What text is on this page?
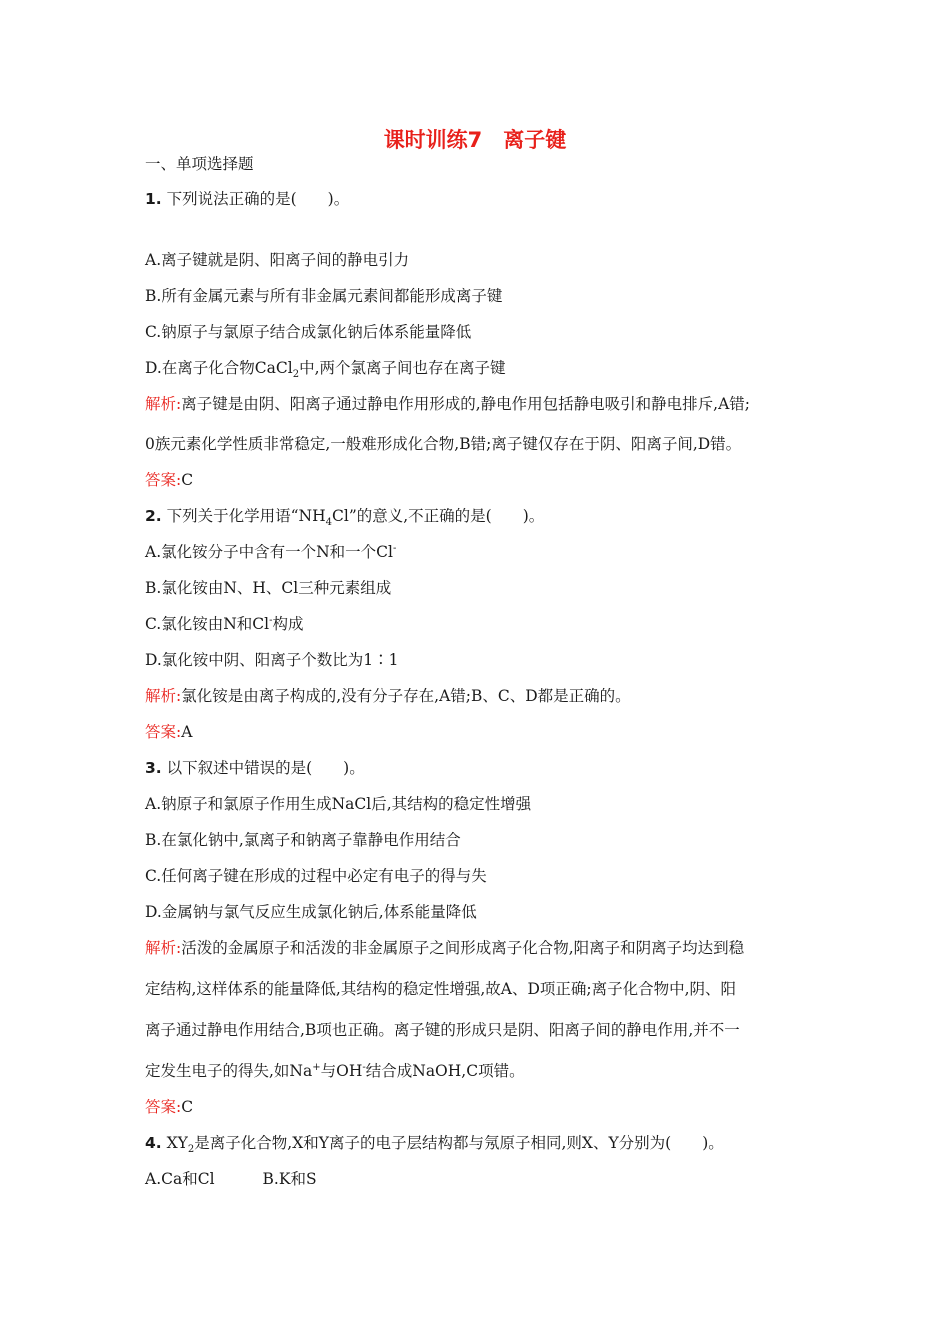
课时训练7　离子键
一、单项选择题
1. 下列说法正确的是(　　)。
A.离子键就是阴、阳离子间的静电引力
B.所有金属元素与所有非金属元素间都能形成离子键
C.钠原子与氯原子结合成氯化钠后体系能量降低
D.在离子化合物CaCl$_2$中,两个氯离子间也存在离子键
解析:离子键是由阴、阳离子通过静电作用形成的,静电作用包括静电吸引和静电排斥,A错;
0族元素化学性质非常稳定,一般难形成化合物,B错;离子键仅存在于阴、阳离子间,D错。
答案:C
2. 下列关于化学用语“$NH_4Cl$”的意义,不正确的是(　　)。
A.氯化铵分子中含有一个N和一个Cl-
B.氯化铵由N、H、Cl三种元素组成
C.氯化铵由N和Cl-构成
D.氯化铵中阴、阳离子个数比为1∶1
解析:氯化铵是由离子构成的,没有分子存在,A错;B、C、D都是正确的。
答案:A
3. 以下叙述中错误的是(　　)。
A.钠原子和氯原子作用生成NaCl后,其结构的稳定性增强
B.在氯化钠中,氯离子和钠离子靠静电作用结合
C.任何离子键在形成的过程中必定有电子的得与失
D.金属钠与氯气反应生成氯化钠后,体系能量降低
解析:活泼的金属原子和活泼的非金属原子之间形成离子化合物,阳离子和阴离子均达到稳
定结构,这样体系的能量降低,其结构的稳定性增强,故A、D项正确;离子化合物中,阴、阳
离子通过静电作用结合,B项也正确。离子键的形成只是阴、阳离子间的静电作用,并不一
定发生电子的得失,如Na+与OH-结合成NaOH,C项错。
答案:C
4. $XY_2$是离子化合物,X和Y离子的电子层结构都与氖原子相同,则X、Y分别为(　　)。
A.Ca和Cl	B.K和S
